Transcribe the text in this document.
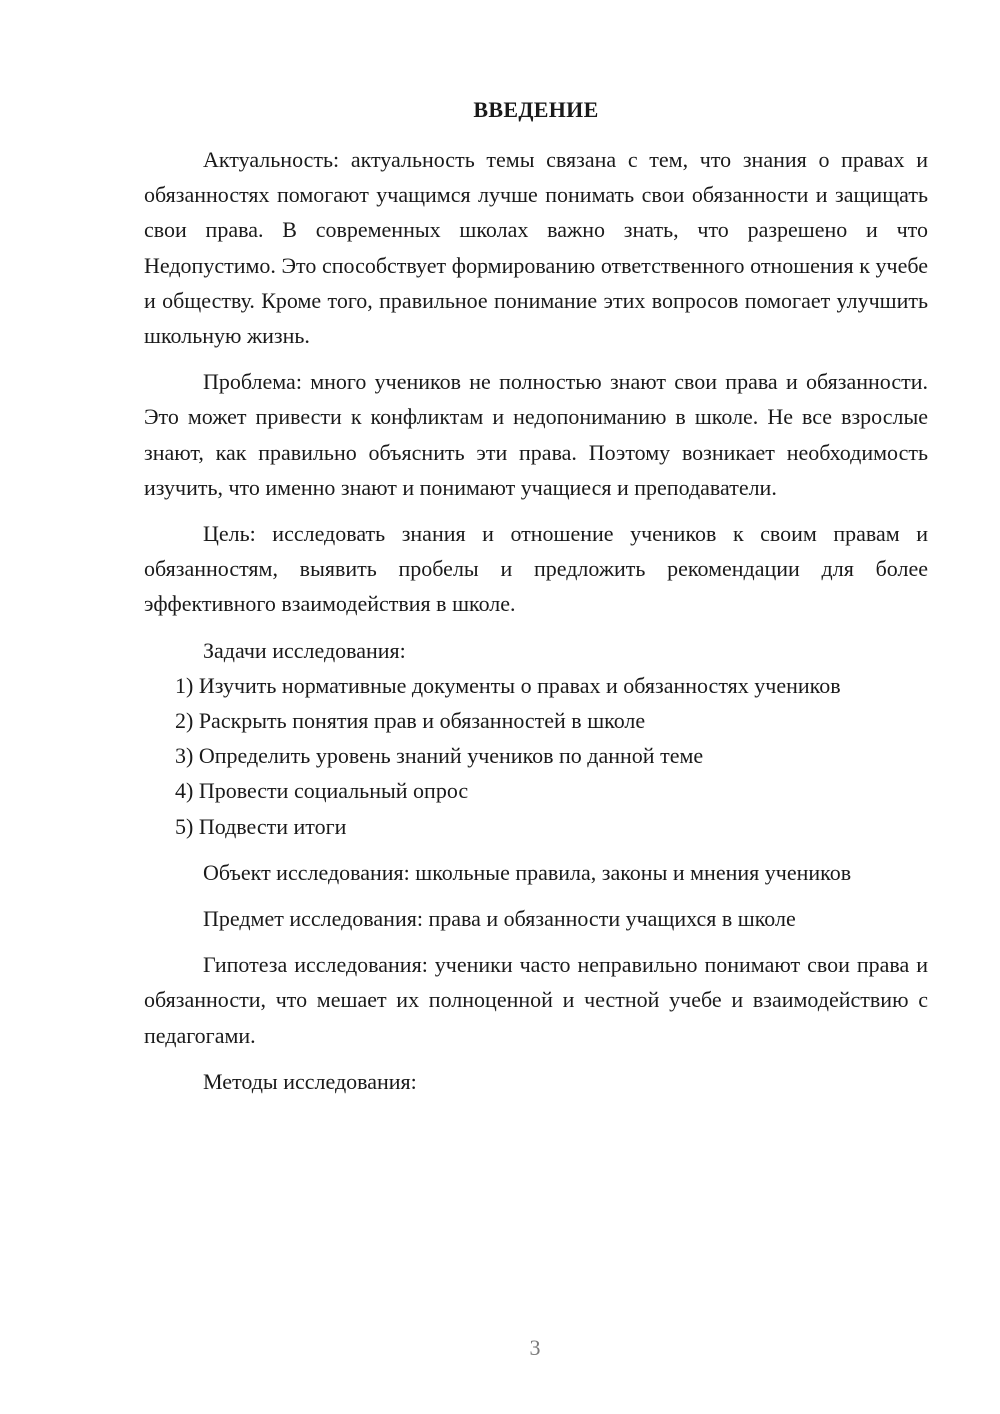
ВВЕДЕНИЕ

Актуальность: актуальность темы связана с тем, что знания о правах и обязанностях помогают учащимся лучше понимать свои обязанности и защищать свои права. В современных школах важно знать, что разрешено и что Недопустимо. Это способствует формированию ответственного отношения к учебе и обществу. Кроме того, правильное понимание этих вопросов помогает улучшить школьную жизнь.

Проблема: много учеников не полностью знают свои права и обязанности. Это может привести к конфликтам и недопониманию в школе. Не все взрослые знают, как правильно объяснить эти права. Поэтому возникает необходимость изучить, что именно знают и понимают учащиеся и преподаватели.

Цель: исследовать знания и отношение учеников к своим правам и обязанностям, выявить пробелы и предложить рекомендации для более эффективного взаимодействия в школе.

Задачи исследования:

1) Изучить нормативные документы о правах и обязанностях учеников

2) Раскрыть понятия прав и обязанностей в школе

3) Определить уровень знаний учеников по данной теме

4) Провести социальный опрос

5) Подвести итоги

Объект исследования: школьные правила, законы и мнения учеников

Предмет исследования: права и обязанности учащихся в школе

Гипотеза исследования: ученики часто неправильно понимают свои права и обязанности, что мешает их полноценной и честной учебе и взаимодействию с педагогами.

Методы исследования:

3
